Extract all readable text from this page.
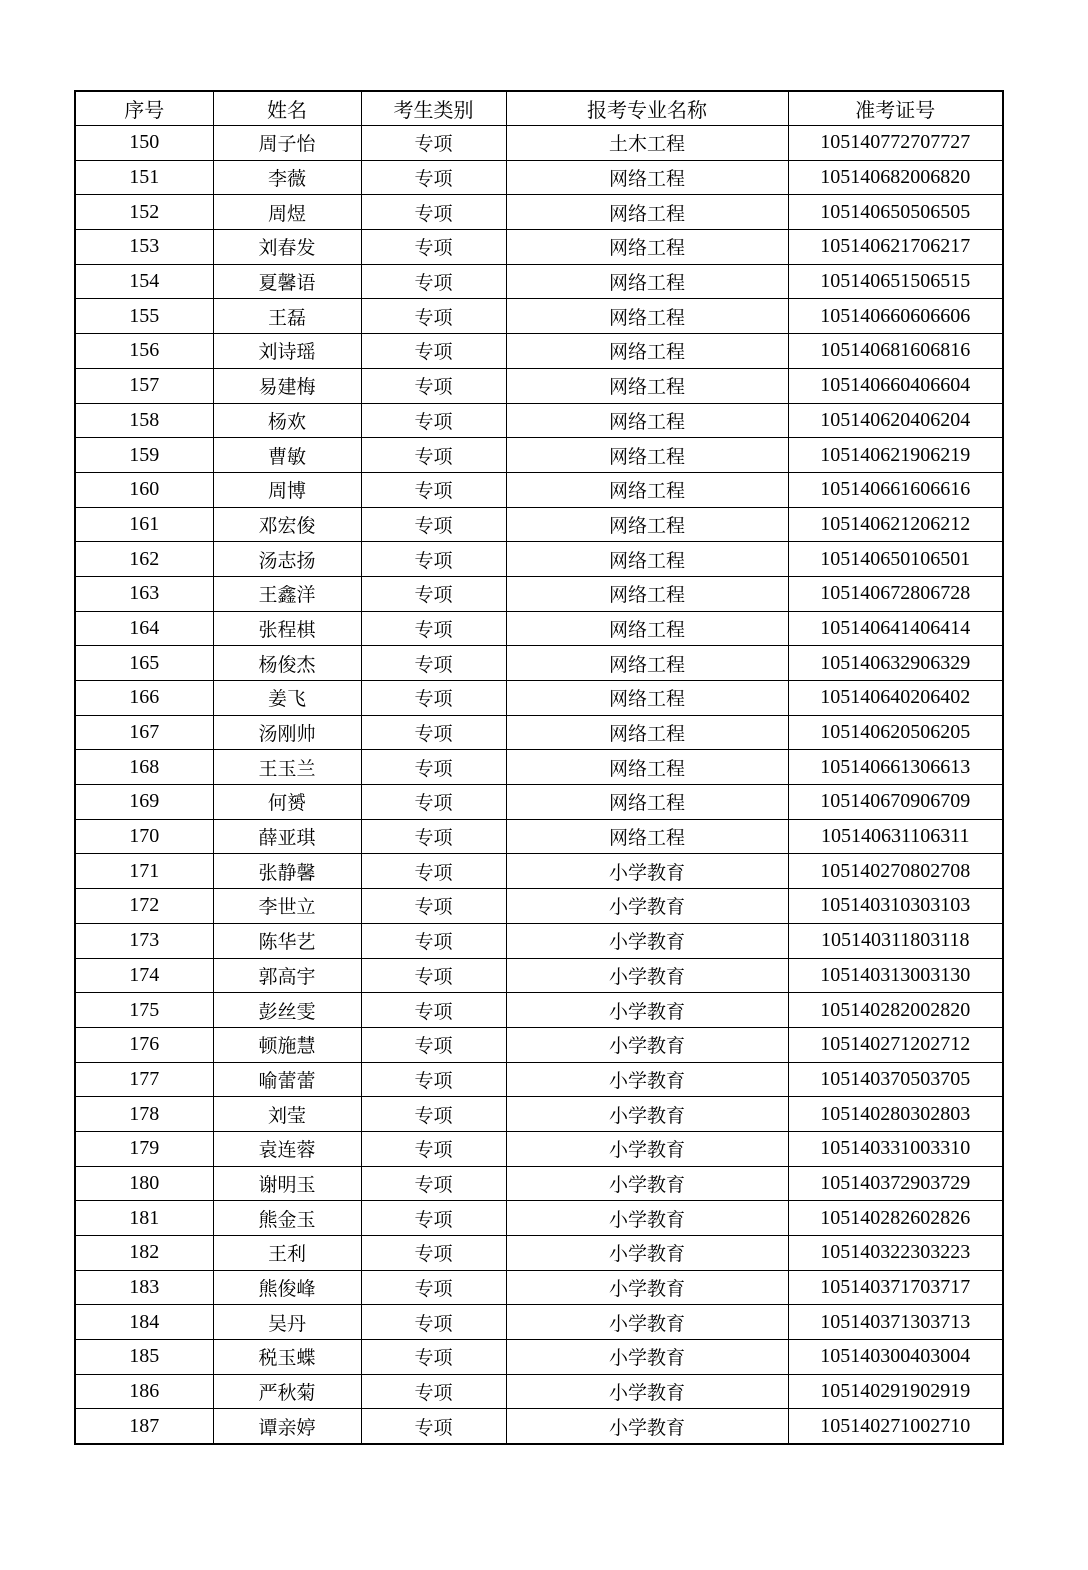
序号	姓名	考生类别	报考专业名称	准考证号
150	周子怡	专项	土木工程	105140772707727
151	李薇	专项	网络工程	105140682006820
152	周煜	专项	网络工程	105140650506505
153	刘春发	专项	网络工程	105140621706217
154	夏馨语	专项	网络工程	105140651506515
155	王磊	专项	网络工程	105140660606606
156	刘诗瑶	专项	网络工程	105140681606816
157	易建梅	专项	网络工程	105140660406604
158	杨欢	专项	网络工程	105140620406204
159	曹敏	专项	网络工程	105140621906219
160	周博	专项	网络工程	105140661606616
161	邓宏俊	专项	网络工程	105140621206212
162	汤志扬	专项	网络工程	105140650106501
163	王鑫洋	专项	网络工程	105140672806728
164	张程棋	专项	网络工程	105140641406414
165	杨俊杰	专项	网络工程	105140632906329
166	姜飞	专项	网络工程	105140640206402
167	汤刚帅	专项	网络工程	105140620506205
168	王玉兰	专项	网络工程	105140661306613
169	何赟	专项	网络工程	105140670906709
170	薛亚琪	专项	网络工程	105140631106311
171	张静馨	专项	小学教育	105140270802708
172	李世立	专项	小学教育	105140310303103
173	陈华艺	专项	小学教育	105140311803118
174	郭高宇	专项	小学教育	105140313003130
175	彭丝雯	专项	小学教育	105140282002820
176	顿施慧	专项	小学教育	105140271202712
177	喻蕾蕾	专项	小学教育	105140370503705
178	刘莹	专项	小学教育	105140280302803
179	袁连蓉	专项	小学教育	105140331003310
180	谢明玉	专项	小学教育	105140372903729
181	熊金玉	专项	小学教育	105140282602826
182	王利	专项	小学教育	105140322303223
183	熊俊峰	专项	小学教育	105140371703717
184	吴丹	专项	小学教育	105140371303713
185	税玉蝶	专项	小学教育	105140300403004
186	严秋菊	专项	小学教育	105140291902919
187	谭亲婷	专项	小学教育	105140271002710
